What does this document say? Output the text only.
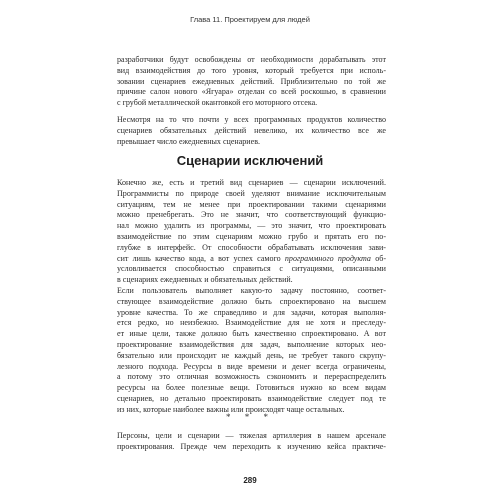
Глава 11. Проектируем для людей
разработчики будут освобождены от необходимости дорабатывать этот
вид взаимодействия до того уровня, который требуется при исполь-
зовании сценариев ежедневных действий. Приблизительно по той же
причине салон нового «Ягуара» отделан со всей роскошью, в сравнении
с грубой металлической окантовкой его моторного отсека.
Несмотря на то что почти у всех программных продуктов количество
сценариев обязательных действий невелико, их количество все же
превышает число ежедневных сценариев.
Сценарии исключений
Конечно же, есть и третий вид сценариев — сценарии исключений.
Программисты по природе своей уделяют внимание исключительным
ситуациям, тем не менее при проектировании такими сценариями
можно пренебрегать. Это не значит, что соответствующий функцио-
нал можно удалить из программы, — это значит, что проектировать
взаимодействие по этим сценариям можно грубо и прятать его по-
глубже в интерфейс. От способности обрабатывать исключения зави-
сит лишь качество кода, а вот успех самого программного продукта об-
условливается способностью справиться с ситуациями, описанными
в сценариях ежедневных и обязательных действий.
Если пользователь выполняет какую-то задачу постоянно, соответ-
ствующее взаимодействие должно быть спроектировано на высшем
уровне качества. То же справедливо и для задачи, которая выполня-
ется редко, но неизбежно. Взаимодействие для не хотя и преследу-
ет иные цели, также должно быть качественно спроектировано. А вот
проектирование взаимодействия для задач, выполнение которых нео-
бязательно или происходит не каждый день, не требует такого скрупу-
лезного подхода. Ресурсы в виде времени и денег всегда ограничены,
а потому это отличная возможность сэкономить и перераспределить
ресурсы на более полезные вещи. Готовиться нужно ко всем видам
сценариев, но детально проектировать взаимодействие следует под те
из них, которые наиболее важны или происходят чаще остальных.
* * *
Персоны, цели и сценарии — тяжелая артиллерия в нашем арсенале
проектирования. Прежде чем переходить к изучению кейса практиче-
289
